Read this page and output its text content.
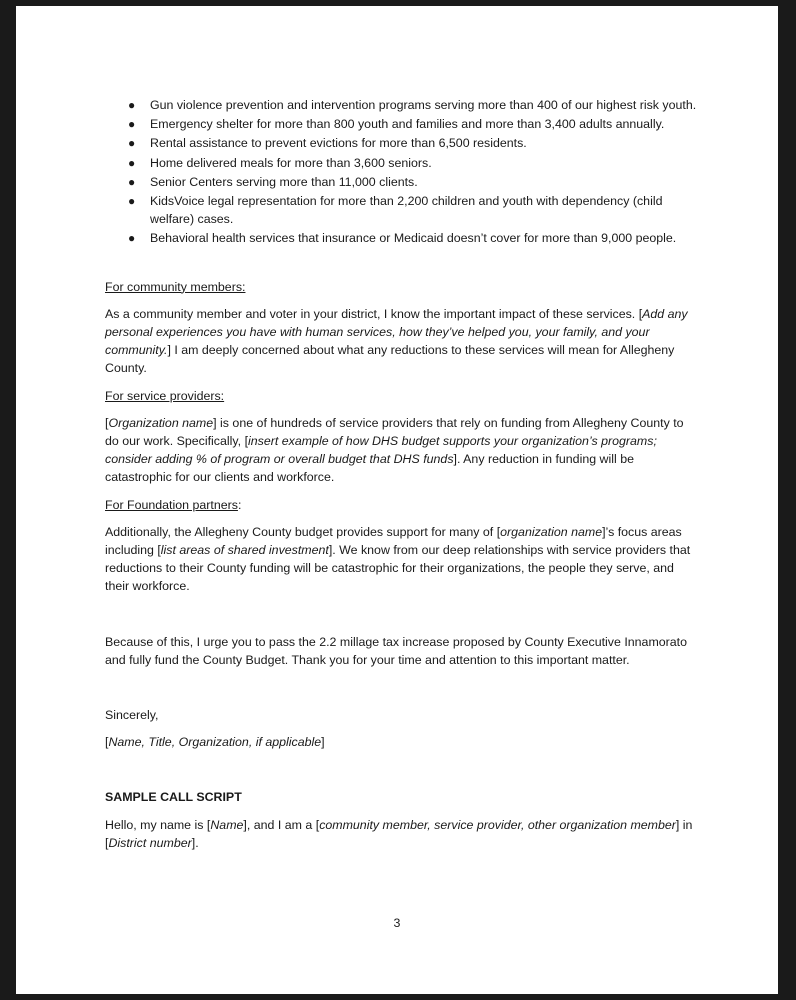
● Gun violence prevention and intervention programs serving more than 400 of our highest risk youth.
● Emergency shelter for more than 800 youth and families and more than 3,400 adults annually.
● Rental assistance to prevent evictions for more than 6,500 residents.
● Home delivered meals for more than 3,600 seniors.
● Senior Centers serving more than 11,000 clients.
● KidsVoice legal representation for more than 2,200 children and youth with dependency (child welfare) cases.
● Behavioral health services that insurance or Medicaid doesn’t cover for more than 9,000 people.

For community members:

As a community member and voter in your district, I know the important impact of these services. [Add any personal experiences you have with human services, how they’ve helped you, your family, and your community.] I am deeply concerned about what any reductions to these services will mean for Allegheny County.

For service providers:

[Organization name] is one of hundreds of service providers that rely on funding from Allegheny County to do our work. Specifically, [insert example of how DHS budget supports your organization’s programs; consider adding % of program or overall budget that DHS funds]. Any reduction in funding will be catastrophic for our clients and workforce.

For Foundation partners:

Additionally, the Allegheny County budget provides support for many of [organization name]’s focus areas including [list areas of shared investment]. We know from our deep relationships with service providers that reductions to their County funding will be catastrophic for their organizations, the people they serve, and their workforce.

Because of this, I urge you to pass the 2.2 millage tax increase proposed by County Executive Innamorato and fully fund the County Budget. Thank you for your time and attention to this important matter.

Sincerely,

[Name, Title, Organization, if applicable]

SAMPLE CALL SCRIPT

Hello, my name is [Name], and I am a [community member, service provider, other organization member] in [District number].

3
